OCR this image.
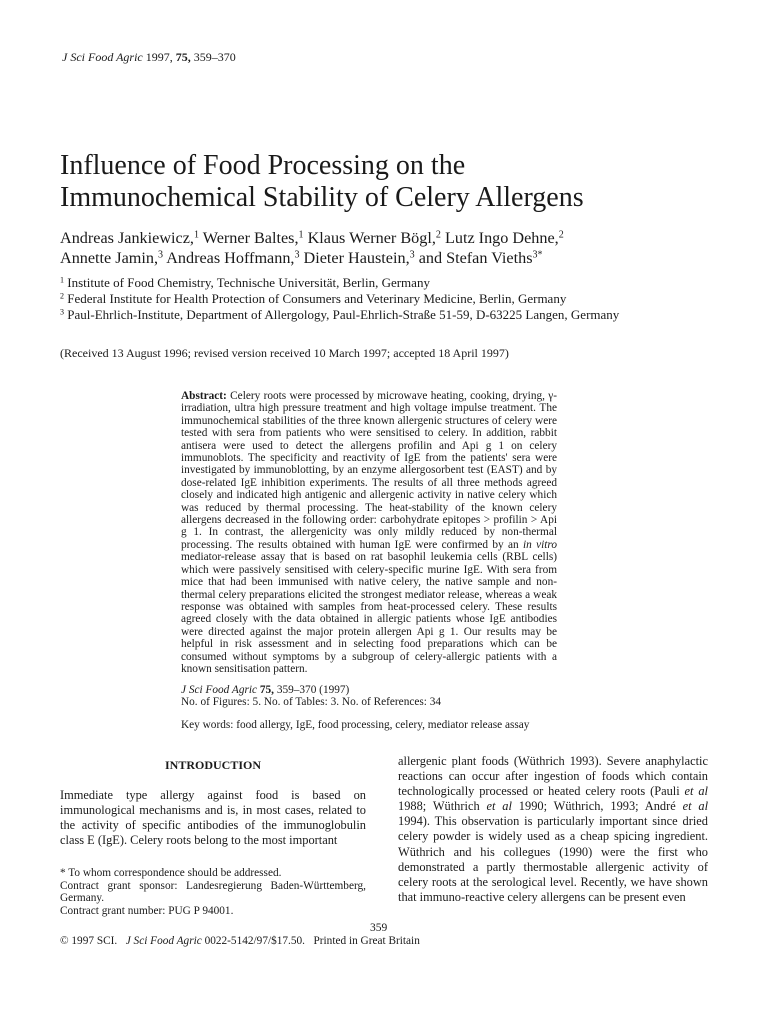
J Sci Food Agric 1997, 75, 359–370
Influence of Food Processing on the
Immunochemical Stability of Celery Allergens
Andreas Jankiewicz,$^1$ Werner Baltes,$^1$ Klaus Werner Bögl,$^2$ Lutz Ingo Dehne,$^2$
Annette Jamin,$^3$ Andreas Hoffmann,$^3$ Dieter Haustein,$^3$ and Stefan Vieths$^{3*}$
$^1$ Institute of Food Chemistry, Technische Universität, Berlin, Germany
$^2$ Federal Institute for Health Protection of Consumers and Veterinary Medicine, Berlin, Germany
$^3$ Paul-Ehrlich-Institute, Department of Allergology, Paul-Ehrlich-Straße 51-59, D-63225 Langen, Germany
(Received 13 August 1996; revised version received 10 March 1997; accepted 18 April 1997)
Abstract: Celery roots were processed by microwave heating, cooking, drying, γ-irradiation, ultra high pressure treatment and high voltage impulse treatment. The immunochemical stabilities of the three known allergenic structures of celery were tested with sera from patients who were sensitised to celery. In addition, rabbit antisera were used to detect the allergens profilin and Api g 1 on celery immunoblots. The specificity and reactivity of IgE from the patients' sera were investigated by immunoblotting, by an enzyme allergosorbent test (EAST) and by dose-related IgE inhibition experiments. The results of all three methods agreed closely and indicated high antigenic and allergenic activity in native celery which was reduced by thermal processing. The heat-stability of the known celery allergens decreased in the following order: carbohydrate epitopes > profilin > Api g 1. In contrast, the allergenicity was only mildly reduced by non-thermal processing. The results obtained with human IgE were confirmed by an in vitro mediator-release assay that is based on rat basophil leukemia cells (RBL cells) which were passively sensitised with celery-specific murine IgE. With sera from mice that had been immunised with native celery, the native sample and non-thermal celery preparations elicited the strongest mediator release, whereas a weak response was obtained with samples from heat-processed celery. These results agreed closely with the data obtained in allergic patients whose IgE antibodies were directed against the major protein allergen Api g 1. Our results may be helpful in risk assessment and in selecting food preparations which can be consumed without symptoms by a subgroup of celery-allergic patients with a known sensitisation pattern.
J Sci Food Agric 75, 359–370 (1997)
No. of Figures: 5. No. of Tables: 3. No. of References: 34
Key words: food allergy, IgE, food processing, celery, mediator release assay
INTRODUCTION
Immediate type allergy against food is based on immunological mechanisms and is, in most cases, related to the activity of specific antibodies of the immunoglobulin class E (IgE). Celery roots belong to the most important
allergenic plant foods (Wüthrich 1993). Severe anaphylactic reactions can occur after ingestion of foods which contain technologically processed or heated celery roots (Pauli et al 1988; Wüthrich et al 1990; Wüthrich, 1993; André et al 1994). This observation is particularly important since dried celery powder is widely used as a cheap spicing ingredient. Wüthrich and his collegues (1990) were the first who demonstrated a partly thermostable allergenic activity of celery roots at the serological level. Recently, we have shown that immuno-reactive celery allergens can be present even
* To whom correspondence should be addressed.
Contract grant sponsor: Landesregierung Baden-Württemberg, Germany.
Contract grant number: PUG P 94001.
359
© 1997 SCI. J Sci Food Agric 0022-5142/97/$17.50. Printed in Great Britain
